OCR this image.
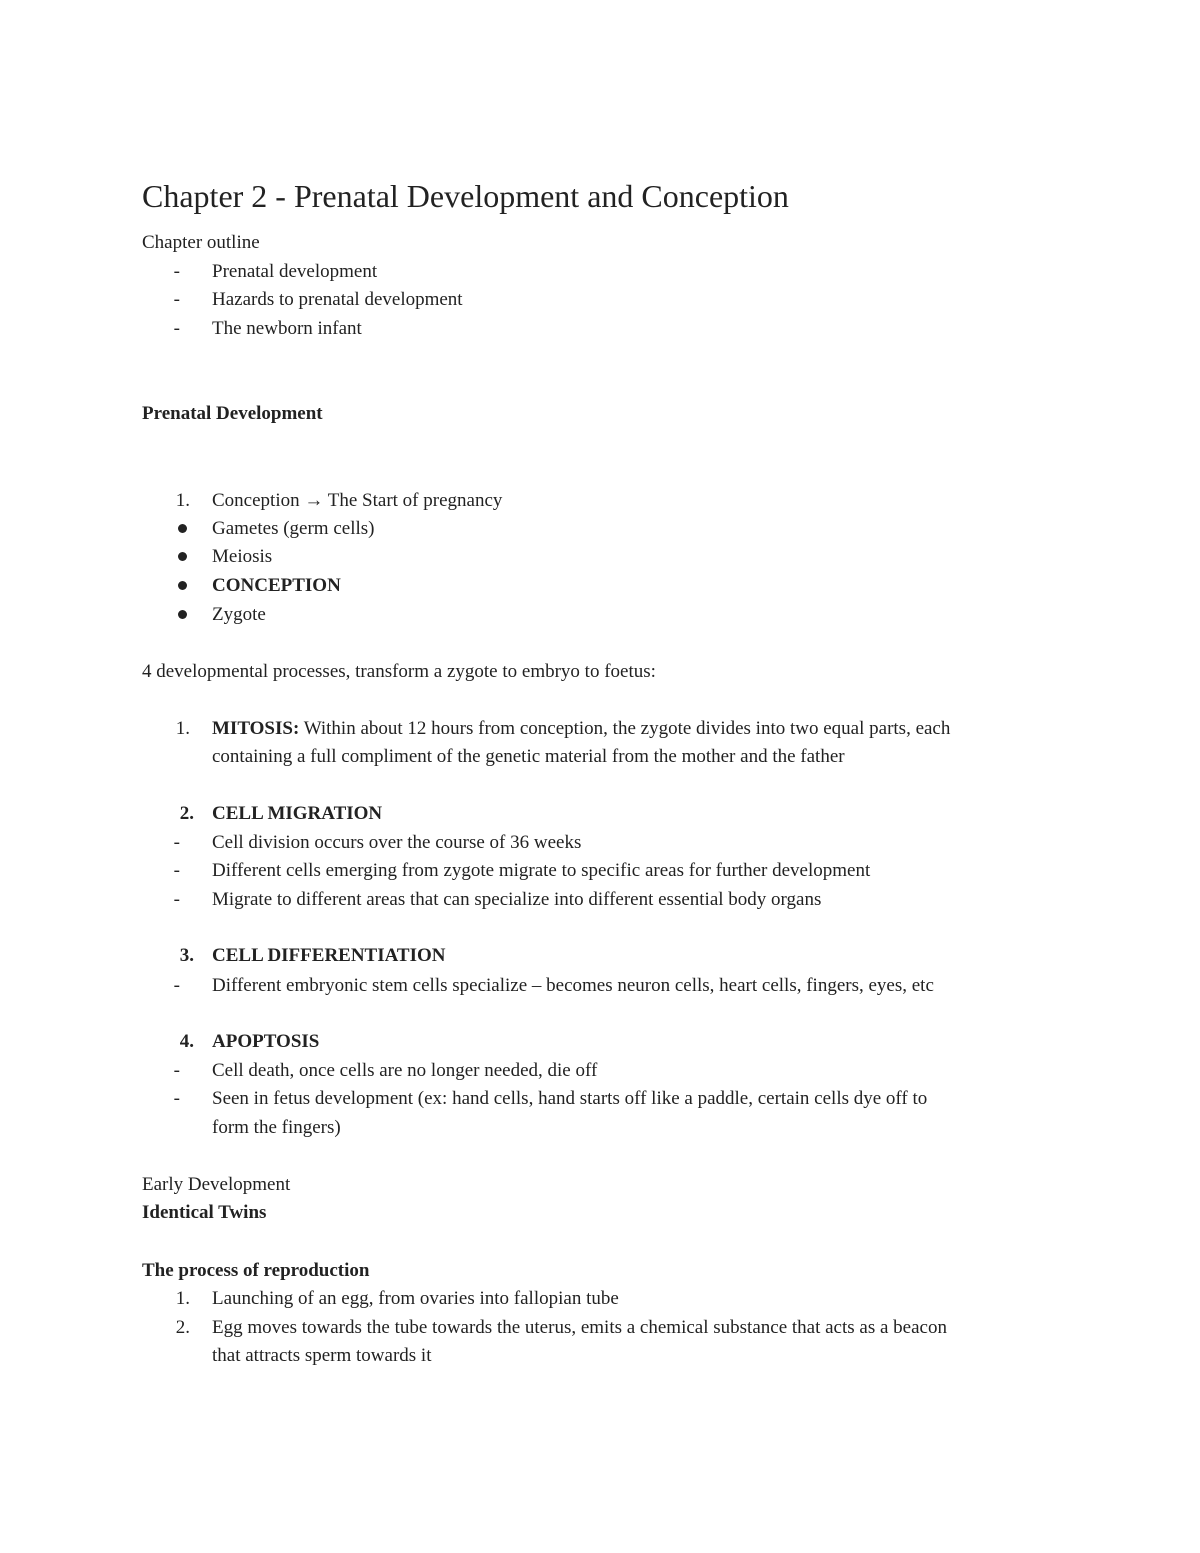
Chapter 2 - Prenatal Development and Conception
Chapter outline
- Prenatal development
- Hazards to prenatal development
- The newborn infant
Prenatal Development
1. Conception → The Start of pregnancy
Gametes (germ cells)
Meiosis
CONCEPTION
Zygote
4 developmental processes, transform a zygote to embryo to foetus:
1. MITOSIS: Within about 12 hours from conception, the zygote divides into two equal parts, each
containing a full compliment of the genetic material from the mother and the father
2. CELL MIGRATION
- Cell division occurs over the course of 36 weeks
- Different cells emerging from zygote migrate to specific areas for further development
- Migrate to different areas that can specialize into different essential body organs
3. CELL DIFFERENTIATION
- Different embryonic stem cells specialize – becomes neuron cells, heart cells, fingers, eyes, etc
4. APOPTOSIS
- Cell death, once cells are no longer needed, die off
- Seen in fetus development (ex: hand cells, hand starts off like a paddle, certain cells dye off to
form the fingers)
Early Development
Identical Twins
The process of reproduction
1. Launching of an egg, from ovaries into fallopian tube
2. Egg moves towards the tube towards the uterus, emits a chemical substance that acts as a beacon
that attracts sperm towards it
